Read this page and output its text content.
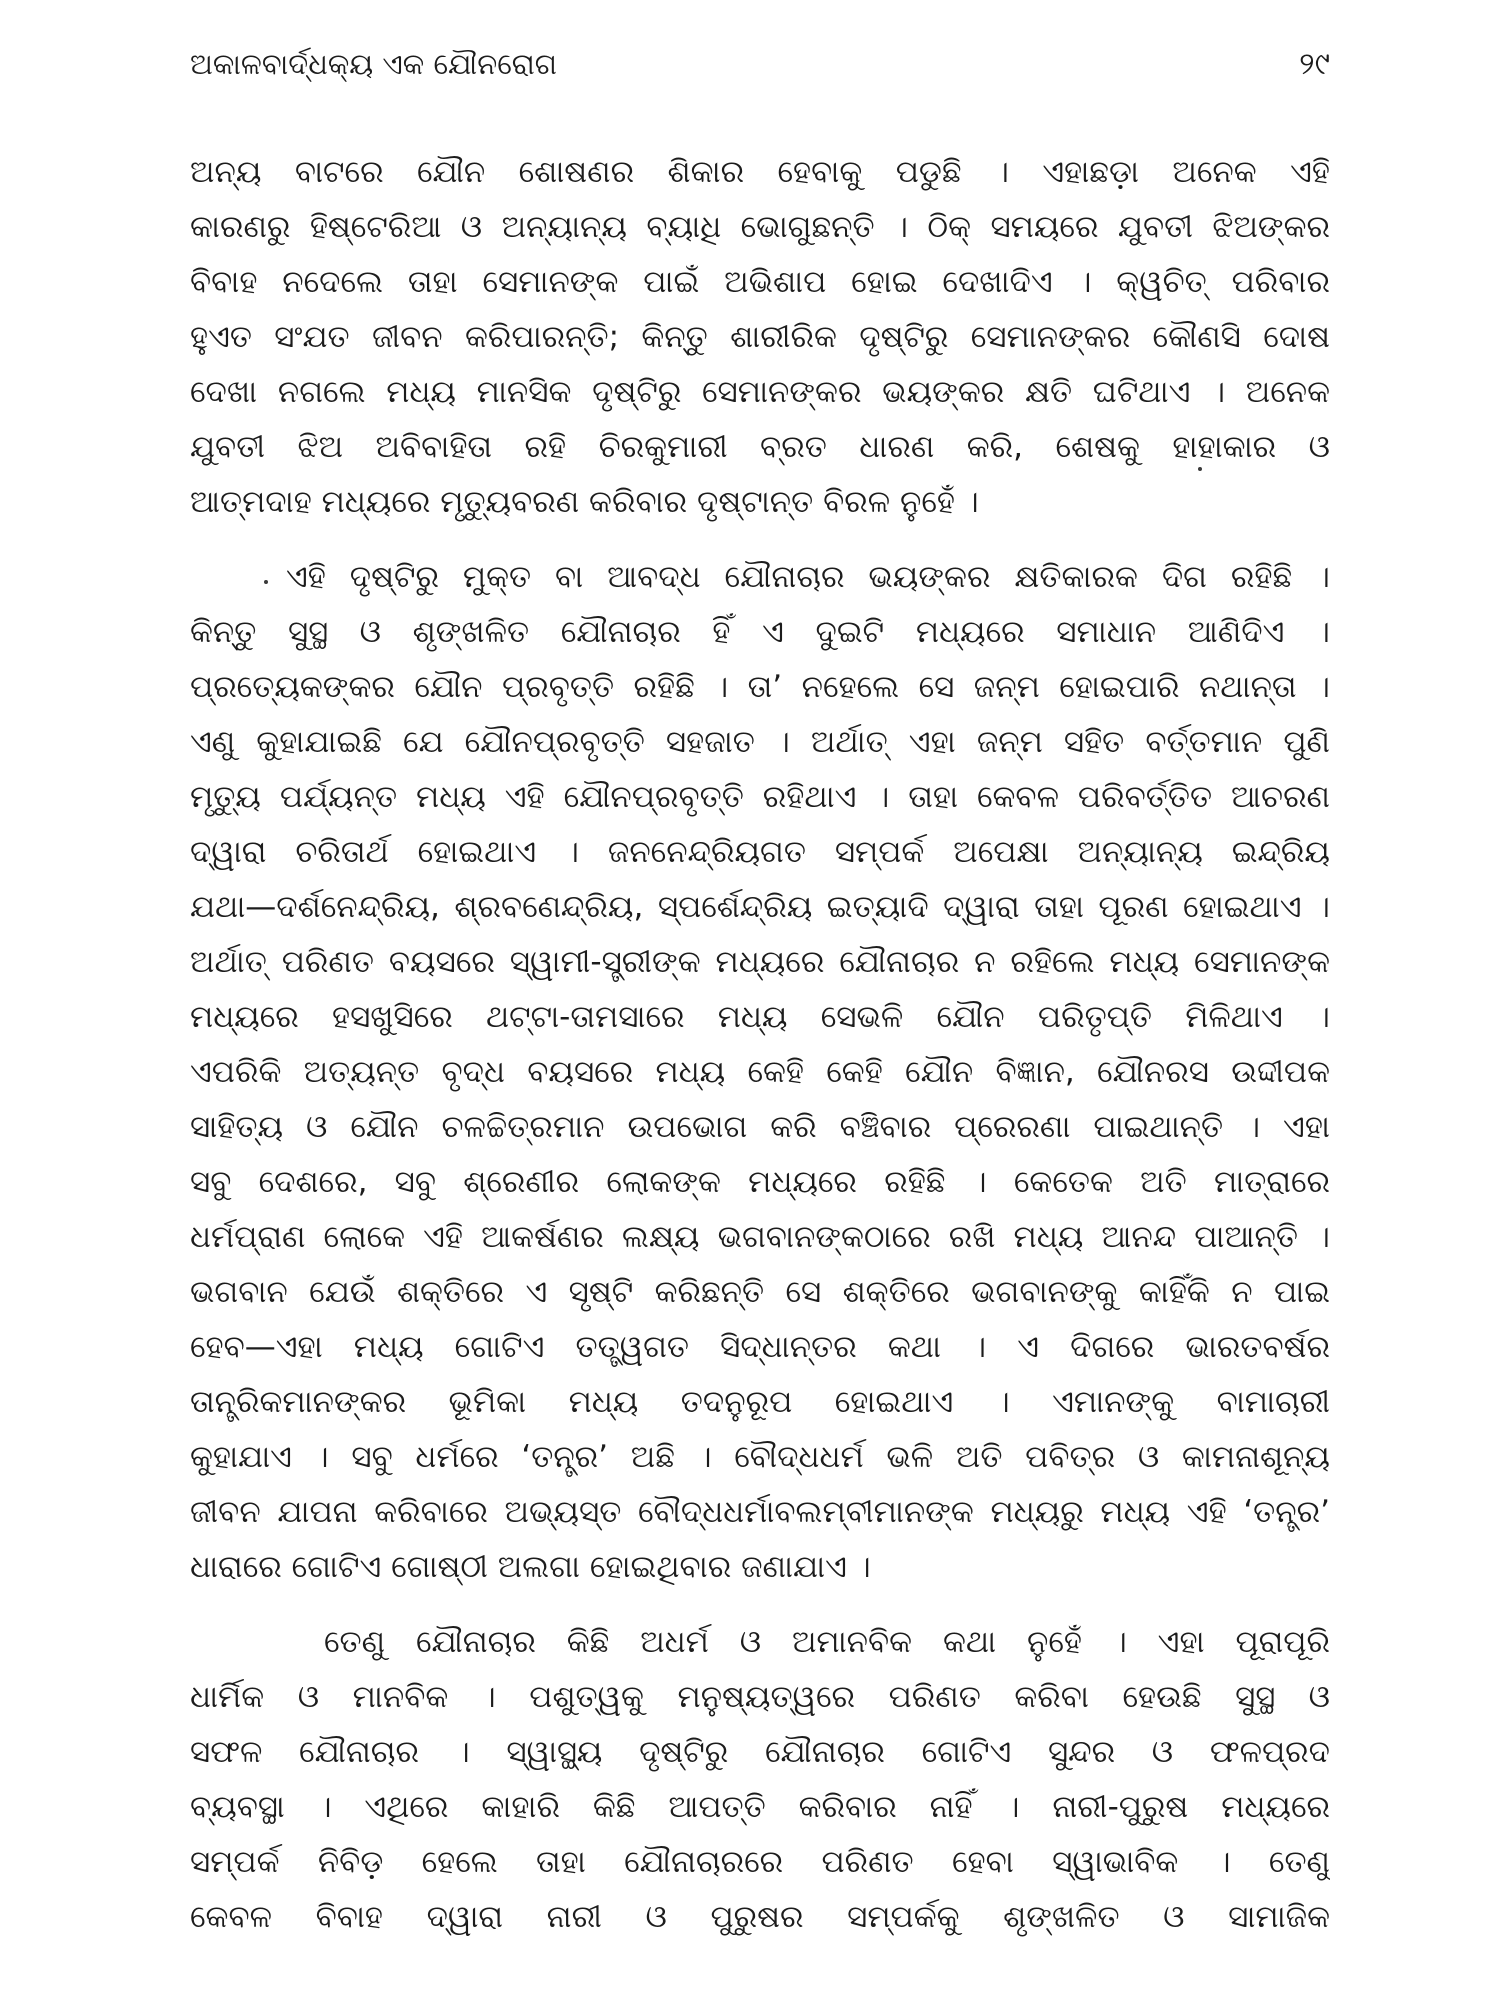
ଅକାଳବାର୍ଦ୍ଧକ୍ୟ ଏକ ଯୌନରୋଗ	୨୯
ଅନ୍ୟ ବାଟରେ ଯୌନ ଶୋଷଣର ଶିକାର ହେବାକୁ ପଡୁଛି । ଏହାଛଡ଼ା ଅନେକ ଏହି
କାରଣରୁ ହିଷ୍ଟେରିଆ ଓ ଅନ୍ୟାନ୍ୟ ବ୍ୟାଧି ଭୋଗୁଛନ୍ତି । ଠିକ୍ ସମୟରେ ଯୁବତୀ ଝିଅଙ୍କର
ବିବାହ ନଦେଲେ ତାହା ସେମାନଙ୍କ ପାଇଁ ଅଭିଶାପ ହୋଇ ଦେଖାଦିଏ । କ୍ୱଚିତ୍ ପରିବାର
ହୁଏତ ସଂଯତ ଜୀବନ କରିପାରନ୍ତି; କିନ୍ତୁ ଶାରୀରିକ ଦୃଷ୍ଟିରୁ ସେମାନଙ୍କର କୌଣସି ଦୋଷ
ଦେଖା ନଗଲେ ମଧ୍ୟ ମାନସିକ ଦୃଷ୍ଟିରୁ ସେମାନଙ୍କର ଭୟଙ୍କର କ୍ଷତି ଘଟିଥାଏ । ଅନେକ
ଯୁବତୀ ଝିଅ ଅବିବାହିତା ରହି ଚିରକୁମାରୀ ବ୍ରତ ଧାରଣ କରି, ଶେଷକୁ ହାହାକାର ଓ
ଆତ୍ମଦାହ ମଧ୍ୟରେ ମୃତ୍ୟୁବରଣ କରିବାର ଦୃଷ୍ଟାନ୍ତ ବିରଳ ନୁହେଁ ।
ଏହି ଦୃଷ୍ଟିରୁ ମୁକ୍ତ ବା ଆବଦ୍ଧ ଯୌନାଚାର ଭୟଙ୍କର କ୍ଷତିକାରକ ଦିଗ ରହିଛି ।
କିନ୍ତୁ ସୁସ୍ଥ ଓ ଶୃଙ୍ଖଳିତ ଯୌନାଚାର ହିଁ ଏ ଦୁଇଟି ମଧ୍ୟରେ ସମାଧାନ ଆଣିଦିଏ ।
ପ୍ରତ୍ୟେକଙ୍କର ଯୌନ ପ୍ରବୃତ୍ତି ରହିଛି । ତା’ ନହେଲେ ସେ ଜନ୍ମ ହୋଇପାରି ନଥାନ୍ତା ।
ଏଣୁ କୁହାଯାଇଛି ଯେ ଯୌନପ୍ରବୃତ୍ତି ସହଜାତ । ଅର୍ଥାତ୍ ଏହା ଜନ୍ମ ସହିତ ବର୍ତ୍ତମାନ ପୁଣି
ମୃତ୍ୟୁ ପର୍ଯ୍ୟନ୍ତ ମଧ୍ୟ ଏହି ଯୌନପ୍ରବୃତ୍ତି ରହିଥାଏ । ତାହା କେବଳ ପରିବର୍ତ୍ତିତ ଆଚରଣ
ଦ୍ୱାରା ଚରିତାର୍ଥ ହୋଇଥାଏ । ଜନନେନ୍ଦ୍ରିୟଗତ ସମ୍ପର୍କ ଅପେକ୍ଷା ଅନ୍ୟାନ୍ୟ ଇନ୍ଦ୍ରିୟ
ଯଥା—ଦର୍ଶନେନ୍ଦ୍ରିୟ, ଶ୍ରବଣେନ୍ଦ୍ରିୟ, ସ୍ପର୍ଶେନ୍ଦ୍ରିୟ ଇତ୍ୟାଦି ଦ୍ୱାରା ତାହା ପୂରଣ ହୋଇଥାଏ ।
ଅର୍ଥାତ୍ ପରିଣତ ବୟସରେ ସ୍ୱାମୀ-ସ୍ତ୍ରୀଙ୍କ ମଧ୍ୟରେ ଯୌନାଚାର ନ ରହିଲେ ମଧ୍ୟ ସେମାନଙ୍କ
ମଧ୍ୟରେ ହସଖୁସିରେ ଥଟ୍ଟା-ତାମସାରେ ମଧ୍ୟ ସେଭଳି ଯୌନ ପରିତୃପ୍ତି ମିଳିଥାଏ ।
ଏପରିକି ଅତ୍ୟନ୍ତ ବୃଦ୍ଧ ବୟସରେ ମଧ୍ୟ କେହି କେହି ଯୌନ ବିଜ୍ଞାନ, ଯୌନରସ ଉଦ୍ଦୀପକ
ସାହିତ୍ୟ ଓ ଯୌନ ଚଳଚ୍ଚିତ୍ରମାନ ଉପଭୋଗ କରି ବଞ୍ଚିବାର ପ୍ରେରଣା ପାଇଥାନ୍ତି । ଏହା
ସବୁ ଦେଶରେ, ସବୁ ଶ୍ରେଣୀର ଲୋକଙ୍କ ମଧ୍ୟରେ ରହିଛି । କେତେକ ଅତି ମାତ୍ରାରେ
ଧର୍ମପ୍ରାଣ ଲୋକେ ଏହି ଆକର୍ଷଣର ଲକ୍ଷ୍ୟ ଭଗବାନଙ୍କଠାରେ ରଖି ମଧ୍ୟ ଆନନ୍ଦ ପାଆନ୍ତି ।
ଭଗବାନ ଯେଉଁ ଶକ୍ତିରେ ଏ ସୃଷ୍ଟି କରିଛନ୍ତି ସେ ଶକ୍ତିରେ ଭଗବାନଙ୍କୁ କାହିଁକି ନ ପାଇ
ହେବ—ଏହା ମଧ୍ୟ ଗୋଟିଏ ତତ୍ତ୍ୱଗତ ସିଦ୍ଧାନ୍ତର କଥା । ଏ ଦିଗରେ ଭାରତବର୍ଷର
ତାନ୍ତ୍ରିକମାନଙ୍କର ଭୂମିକା ମଧ୍ୟ ତଦନୁରୂପ ହୋଇଥାଏ । ଏମାନଙ୍କୁ ବାମାଚାରୀ
କୁହାଯାଏ । ସବୁ ଧର୍ମରେ ‘ତନ୍ତ୍ର’ ଅଛି । ବୌଦ୍ଧଧର୍ମ ଭଳି ଅତି ପବିତ୍ର ଓ କାମନାଶୂନ୍ୟ
ଜୀବନ ଯାପନା କରିବାରେ ଅଭ୍ୟସ୍ତ ବୌଦ୍ଧଧର୍ମାବଲମ୍ବୀମାନଙ୍କ ମଧ୍ୟରୁ ମଧ୍ୟ ଏହି ‘ତନ୍ତ୍ର’
ଧାରାରେ ଗୋଟିଏ ଗୋଷ୍ଠୀ ଅଲଗା ହୋଇଥିବାର ଜଣାଯାଏ ।
ତେଣୁ ଯୌନାଚାର କିଛି ଅଧର୍ମ ଓ ଅମାନବିକ କଥା ନୁହେଁ । ଏହା ପୂରାପୂରି
ଧାର୍ମିକ ଓ ମାନବିକ । ପଶୁତ୍ୱକୁ ମନୁଷ୍ୟତ୍ୱରେ ପରିଣତ କରିବା ହେଉଛି ସୁସ୍ଥ ଓ
ସଫଳ ଯୌନାଚାର । ସ୍ୱାସ୍ଥ୍ୟ ଦୃଷ୍ଟିରୁ ଯୌନାଚାର ଗୋଟିଏ ସୁନ୍ଦର ଓ ଫଳପ୍ରଦ
ବ୍ୟବସ୍ଥା । ଏଥିରେ କାହାରି କିଛି ଆପତ୍ତି କରିବାର ନାହିଁ । ନାରୀ-ପୁରୁଷ ମଧ୍ୟରେ
ସମ୍ପର୍କ ନିବିଡ଼ ହେଲେ ତାହା ଯୌନାଚାରରେ ପରିଣତ ହେବା ସ୍ୱାଭାବିକ । ତେଣୁ
କେବଳ ବିବାହ ଦ୍ୱାରା ନାରୀ ଓ ପୁରୁଷର ସମ୍ପର୍କକୁ ଶୃଙ୍ଖଳିତ ଓ ସାମାଜିକ
